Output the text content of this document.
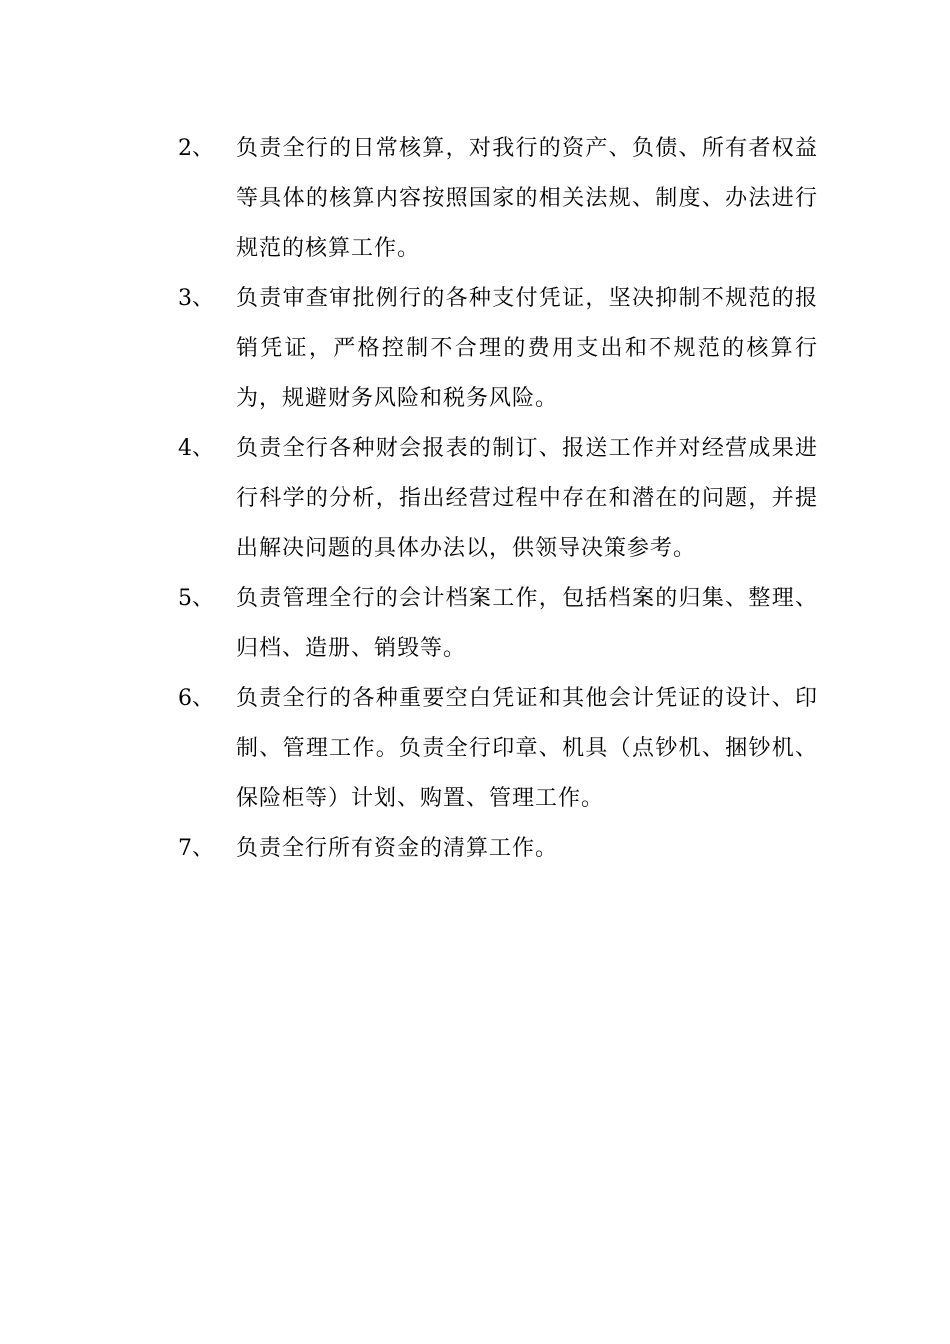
2、	负责全行的日常核算，对我行的资产、负债、所有者权益等具体的核算内容按照国家的相关法规、制度、办法进行规范的核算工作。
3、	负责审查审批例行的各种支付凭证，坚决抑制不规范的报销凭证，严格控制不合理的费用支出和不规范的核算行为，规避财务风险和税务风险。
4、	负责全行各种财会报表的制订、报送工作并对经营成果进行科学的分析，指出经营过程中存在和潜在的问题，并提出解决问题的具体办法以，供领导决策参考。
5、	负责管理全行的会计档案工作，包括档案的归集、整理、归档、造册、销毁等。
6、	负责全行的各种重要空白凭证和其他会计凭证的设计、印制、管理工作。负责全行印章、机具（点钞机、捆钞机、保险柜等）计划、购置、管理工作。
7、	负责全行所有资金的清算工作。
